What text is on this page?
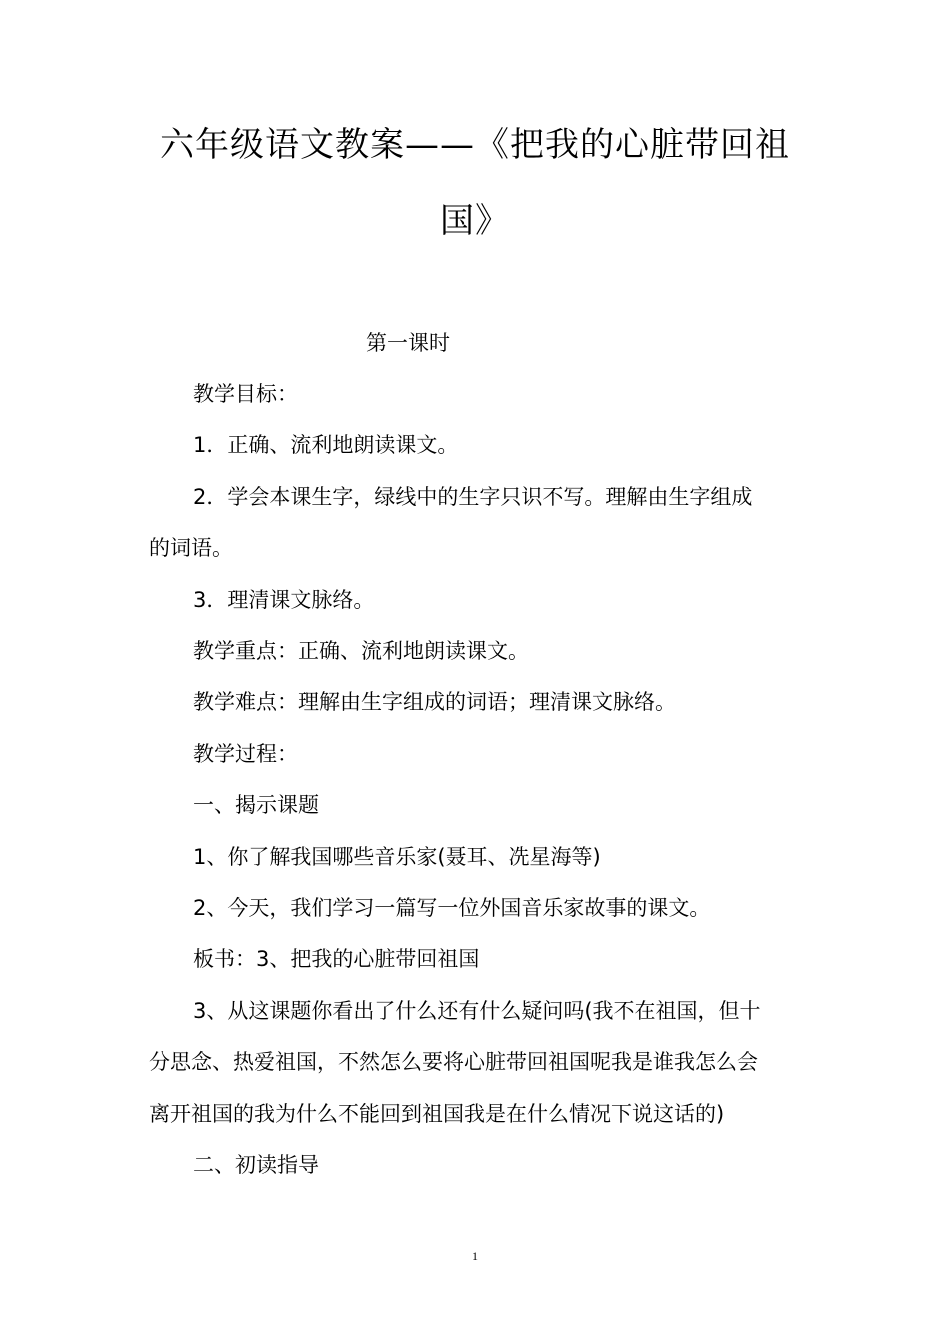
六年级语文教案——《把我的心脏带回祖
国》
第一课时
教学目标：
1．正确、流利地朗读课文。
2．学会本课生字，绿线中的生字只识不写。理解由生字组成
的词语。
3．理清课文脉络。
教学重点：正确、流利地朗读课文。
教学难点：理解由生字组成的词语；理清课文脉络。
教学过程：
一、揭示课题
1、你了解我国哪些音乐家(聂耳、冼星海等)
2、今天，我们学习一篇写一位外国音乐家故事的课文。
板书：3、把我的心脏带回祖国
3、从这课题你看出了什么还有什么疑问吗(我不在祖国，但十
分思念、热爱祖国，不然怎么要将心脏带回祖国呢我是谁我怎么会
离开祖国的我为什么不能回到祖国我是在什么情况下说这话的)
二、初读指导
1
